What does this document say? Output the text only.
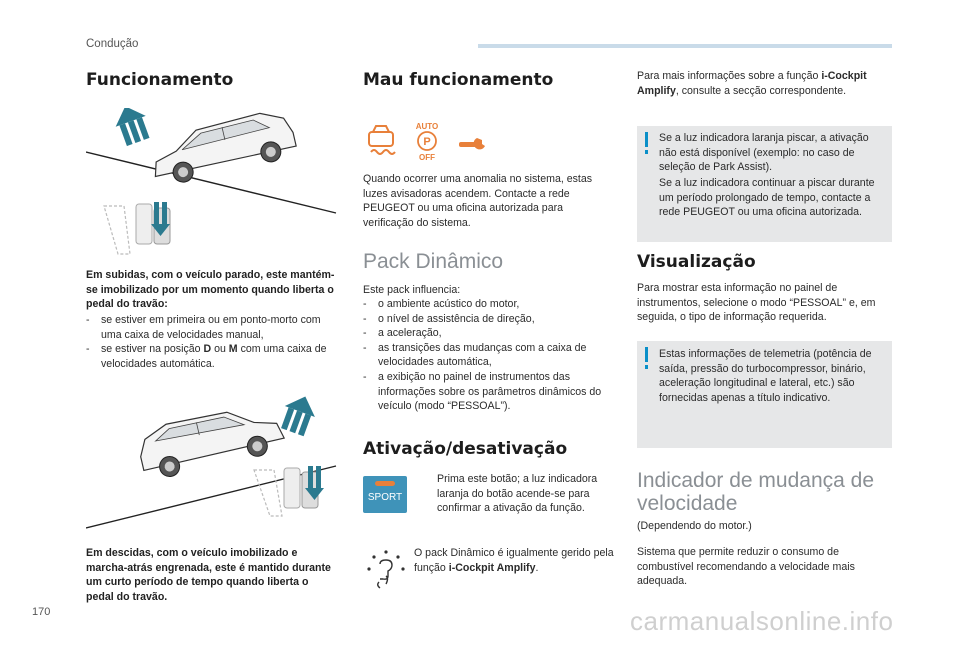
Condução
Funcionamento
Em subidas, com o veículo parado, este mantém-se imobilizado por um momento quando liberta o pedal do travão:
- se estiver em primeira ou em ponto-morto com uma caixa de velocidades manual,
- se estiver na posição D ou M com uma caixa de velocidades automática.
Em descidas, com o veículo imobilizado e marcha-atrás engrenada, este é mantido durante um curto período de tempo quando liberta o pedal do travão.
Mau funcionamento
AUTO
P
OFF
Quando ocorrer uma anomalia no sistema, estas luzes avisadoras acendem. Contacte a rede PEUGEOT ou uma oficina autorizada para verificação do sistema.
Pack Dinâmico
Este pack influencia:
- o ambiente acústico do motor,
- o nível de assistência de direção,
- a aceleração,
- as transições das mudanças com a caixa de velocidades automática,
- a exibição no painel de instrumentos das informações sobre os parâmetros dinâmicos do veículo (modo “PESSOAL”).
Ativação/desativação
SPORT
Prima este botão; a luz indicadora laranja do botão acende-se para confirmar a ativação da função.
O pack Dinâmico é igualmente gerido pela função i-Cockpit Amplify.
Para mais informações sobre a função i-Cockpit Amplify, consulte a secção correspondente.
Se a luz indicadora laranja piscar, a ativação não está disponível (exemplo: no caso de seleção de Park Assist).
Se a luz indicadora continuar a piscar durante um período prolongado de tempo, contacte a rede PEUGEOT ou uma oficina autorizada.
Visualização
Para mostrar esta informação no painel de instrumentos, selecione o modo “PESSOAL” e, em seguida, o tipo de informação requerida.
Estas informações de telemetria (potência de saída, pressão do turbocompressor, binário, aceleração longitudinal e lateral, etc.) são fornecidas apenas a título indicativo.
Indicador de mudança de velocidade
(Dependendo do motor.)
Sistema que permite reduzir o consumo de combustível recomendando a velocidade mais adequada.
170	carmanualsonline.info
